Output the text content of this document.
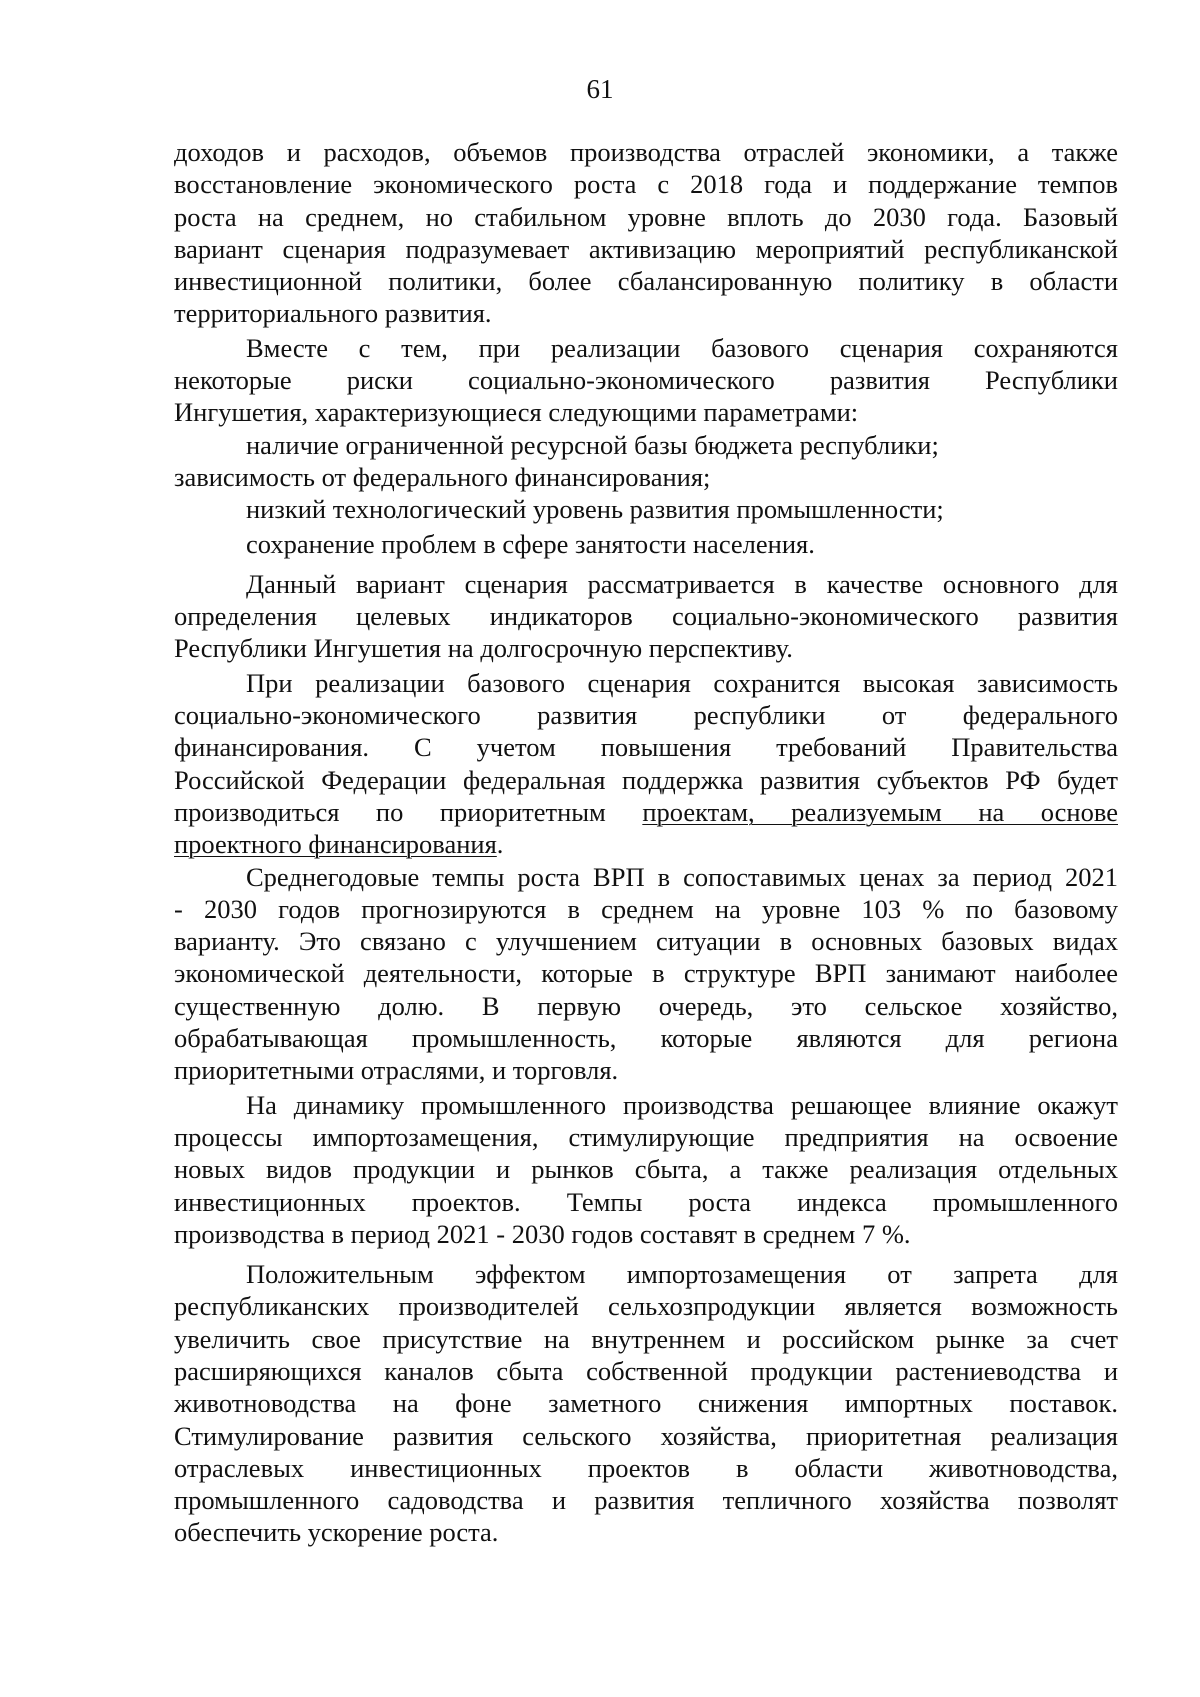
61
доходов и расходов, объемов производства отраслей экономики, а также
восстановление экономического роста с 2018 года и поддержание темпов
роста на среднем, но стабильном уровне вплоть до 2030 года. Базовый
вариант сценария подразумевает активизацию мероприятий республиканской
инвестиционной политики, более сбалансированную политику в области
территориального развития.
Вместе с тем, при реализации базового сценария сохраняются
некоторые риски социально-экономического развития Республики
Ингушетия, характеризующиеся следующими параметрами:
наличие ограниченной ресурсной базы бюджета республики;
зависимость от федерального финансирования;
низкий технологический уровень развития промышленности;
сохранение проблем в сфере занятости населения.
Данный вариант сценария рассматривается в качестве основного для
определения целевых индикаторов социально-экономического развития
Республики Ингушетия на долгосрочную перспективу.
При реализации базового сценария сохранится высокая зависимость
социально-экономического развития республики от федерального
финансирования. С учетом повышения требований Правительства
Российской Федерации федеральная поддержка развития субъектов РФ будет
производиться по приоритетным проектам, реализуемым на основе
проектного финансирования.
Среднегодовые темпы роста ВРП в сопоставимых ценах за период 2021
- 2030 годов прогнозируются в среднем на уровне 103 % по базовому
варианту. Это связано с улучшением ситуации в основных базовых видах
экономической деятельности, которые в структуре ВРП занимают наиболее
существенную долю. В первую очередь, это сельское хозяйство,
обрабатывающая промышленность, которые являются для региона
приоритетными отраслями, и торговля.
На динамику промышленного производства решающее влияние окажут
процессы импортозамещения, стимулирующие предприятия на освоение
новых видов продукции и рынков сбыта, а также реализация отдельных
инвестиционных проектов. Темпы роста индекса промышленного
производства в период 2021 - 2030 годов составят в среднем 7 %.
Положительным эффектом импортозамещения от запрета для
республиканских производителей сельхозпродукции является возможность
увеличить свое присутствие на внутреннем и российском рынке за счет
расширяющихся каналов сбыта собственной продукции растениеводства и
животноводства на фоне заметного снижения импортных поставок.
Стимулирование развития сельского хозяйства, приоритетная реализация
отраслевых инвестиционных проектов в области животноводства,
промышленного садоводства и развития тепличного хозяйства позволят
обеспечить ускорение роста.
